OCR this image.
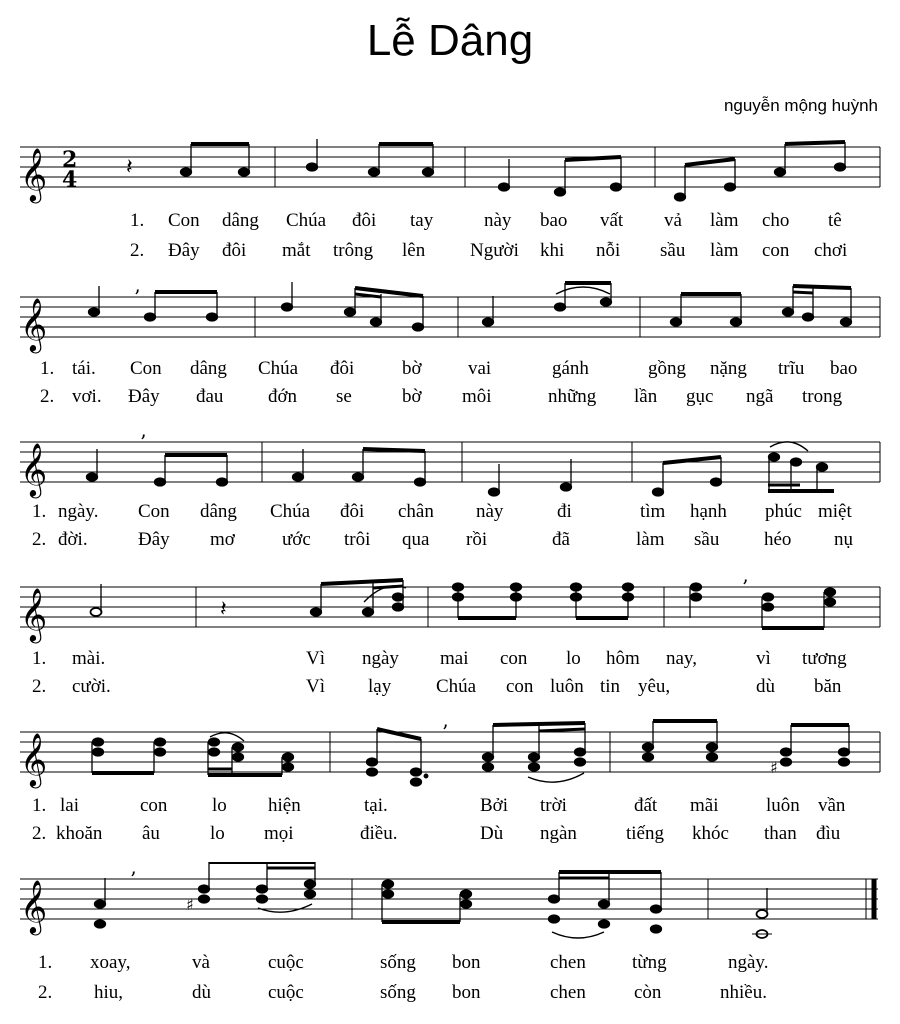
Lễ Dâng
nguyễn mộng huỳnh
𝄞 2
4 𝄽
1. Con dâng Chúa đôi tay	này bao vất vả làm cho tê
2. Đây đôi mắt trông lên Người khi nỗi sầu làm con chơi
𝄞	’
1. tái. Con dâng Chúa đôi	bờ vai	gánh	gồng nặng trĩu bao
2. vơi. Đây đau đớn se	bờ môi	những lần gục ngã trong
𝄞	’
1. ngày. Con dâng Chúa đôi chân này	đi	tìm hạnh phúc miệt
2. đời.	Đây mơ ước trôi qua rồi	đã	làm sầu héo nụ
𝄞	𝄽
’
1. mài.	Vì ngày mai con lo hôm nay,	vì tương
2. cười.	Vì lạy Chúa con luôn tin yêu,	dù băn
𝄞	’
♯
1. lai	con lo hiện	tại.	Bởi trời	đất mãi	luôn vần
2. khoăn âu	lo mọi	điều.	Dù ngàn	tiếng khóc than đìu
𝄞	’
♯
1. xoay,	và	cuộc	sống bon	chen từng	ngày.
2. hiu,	dù	cuộc	sống bon	chen	còn	nhiều.
